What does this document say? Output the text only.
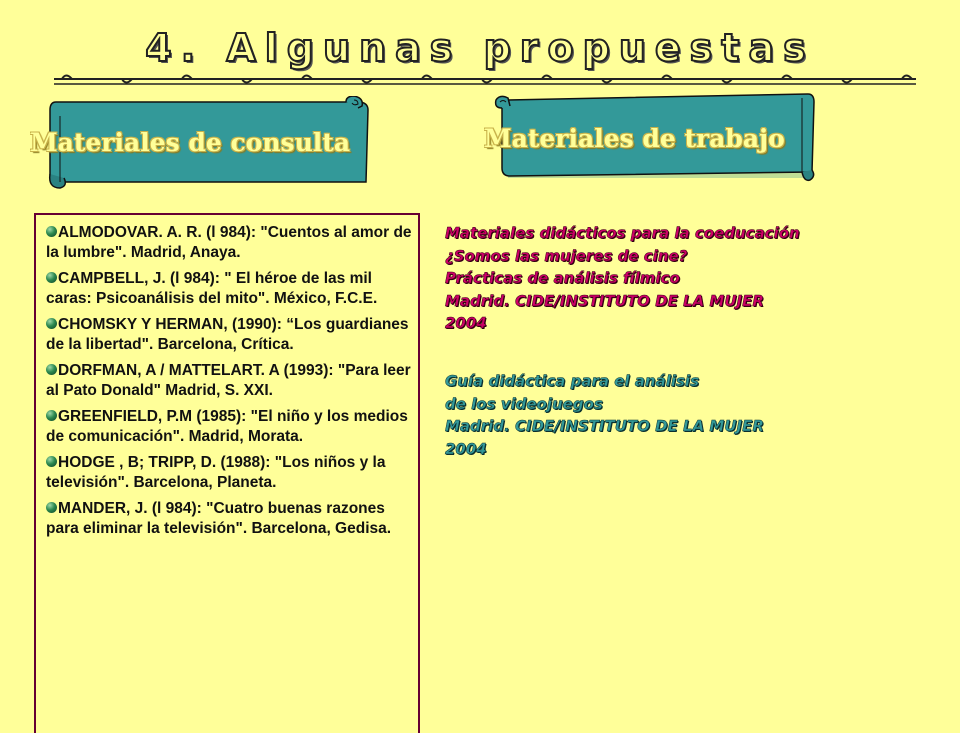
4. Algunas propuestas
Materiales de consulta	Materiales de trabajo
ALMODOVAR. A. R. (l 984): "Cuentos al amor de la lumbre". Madrid, Anaya.
CAMPBELL, J. (l 984): " El héroe de las mil caras: Psicoanálisis del mito". México, F.C.E.
CHOMSKY Y HERMAN, (1990): “Los guardianes de la libertad". Barcelona, Crítica.
DORFMAN, A / MATTELART. A (1993): "Para leer al Pato Donald" Madrid, S. XXI.
GREENFIELD, P.M (1985): "El niño y los medios de comunicación". Madrid, Morata.
HODGE , B; TRIPP, D. (1988): "Los niños y la televisión". Barcelona, Planeta.
MANDER, J. (l 984): "Cuatro buenas razones para eliminar la televisión". Barcelona, Gedisa.
Materiales didácticos para la coeducación
¿Somos las mujeres de cine?
Prácticas de análisis fílmico
Madrid. CIDE/INSTITUTO DE LA MUJER
2004
Guía didáctica para el análisis
de los videojuegos
Madrid. CIDE/INSTITUTO DE LA MUJER
2004
